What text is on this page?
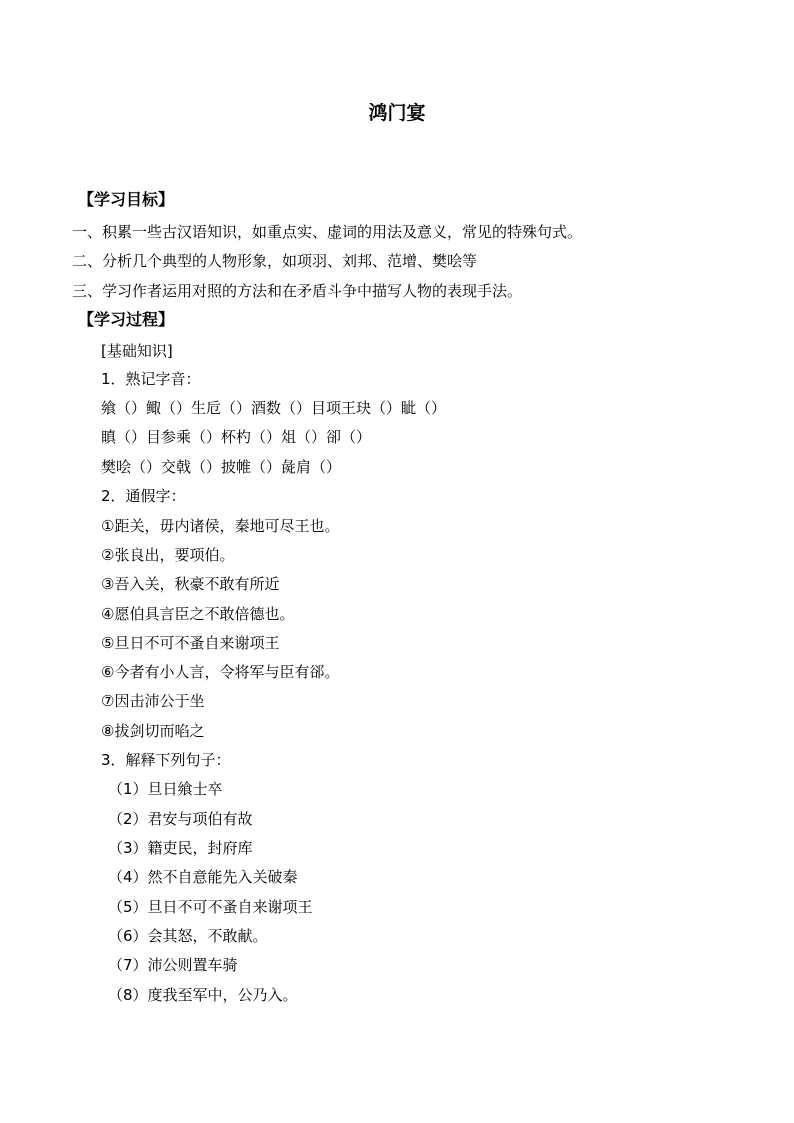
鸿门宴
【学习目标】
一、积累一些古汉语知识，如重点实、虚词的用法及意义，常见的特殊句式。
二、分析几个典型的人物形象，如项羽、刘邦、范增、樊哙等
三、学习作者运用对照的方法和在矛盾斗争中描写人物的表现手法。
【学习过程】
[基础知识]
1．熟记字音：
飨（）鲰（）生卮（）酒数（）目项王玦（）眦（）
瞋（）目参乘（）杯杓（）俎（）卻（）
樊哙（）交戟（）披帷（）彘肩（）
2．通假字：
①距关，毋内诸侯，秦地可尽王也。
②张良出，要项伯。
③吾入关，秋豪不敢有所近
④愿伯具言臣之不敢倍德也。
⑤旦日不可不蚤自来谢项王
⑥今者有小人言，令将军与臣有郤。
⑦因击沛公于坐
⑧拔剑切而啗之
3．解释下列句子：
（1）旦日飨士卒
（2）君安与项伯有故
（3）籍吏民，封府库
（4）然不自意能先入关破秦
（5）旦日不可不蚤自来谢项王
（6）会其怒，不敢献。
（7）沛公则置车骑
（8）度我至军中，公乃入。
